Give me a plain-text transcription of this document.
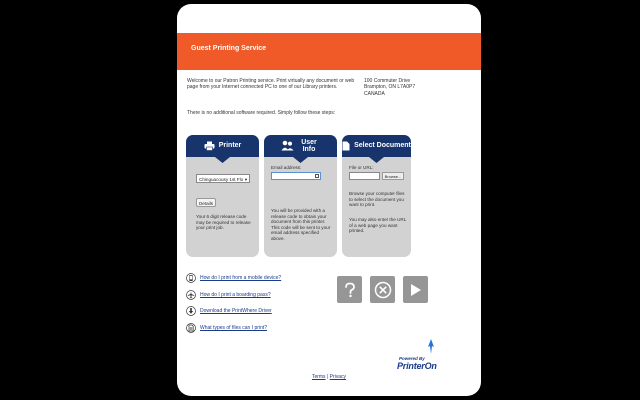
Guest Printing Service
Welcome to our Patron Printing service. Print virtually any document or web page from your Internet connected PC to one of our Library printers.
100 Commuter Drive
Brampton, ON L7A0P7
CANADA
There is no additional software required. Simply follow these steps:
Printer
Chinguacousy 1st Flo ▼
Details
Your 6 digit release code may be required to release your print job.
User Info
Email address:
You will be provided with a release code to obtain your document from this printer. This code will be sent to your email address specified above.
Select Document
File or URL:
Browse...
Browse your computer files to select the document you want to print.
You may also enter the URL of a web page you want printed.
How do I print from a mobile device?
How do I print a boarding pass?
Download the PrintWhere Driver
What types of files can I print?
Powered By
PrinterOn
Terms | Privacy
